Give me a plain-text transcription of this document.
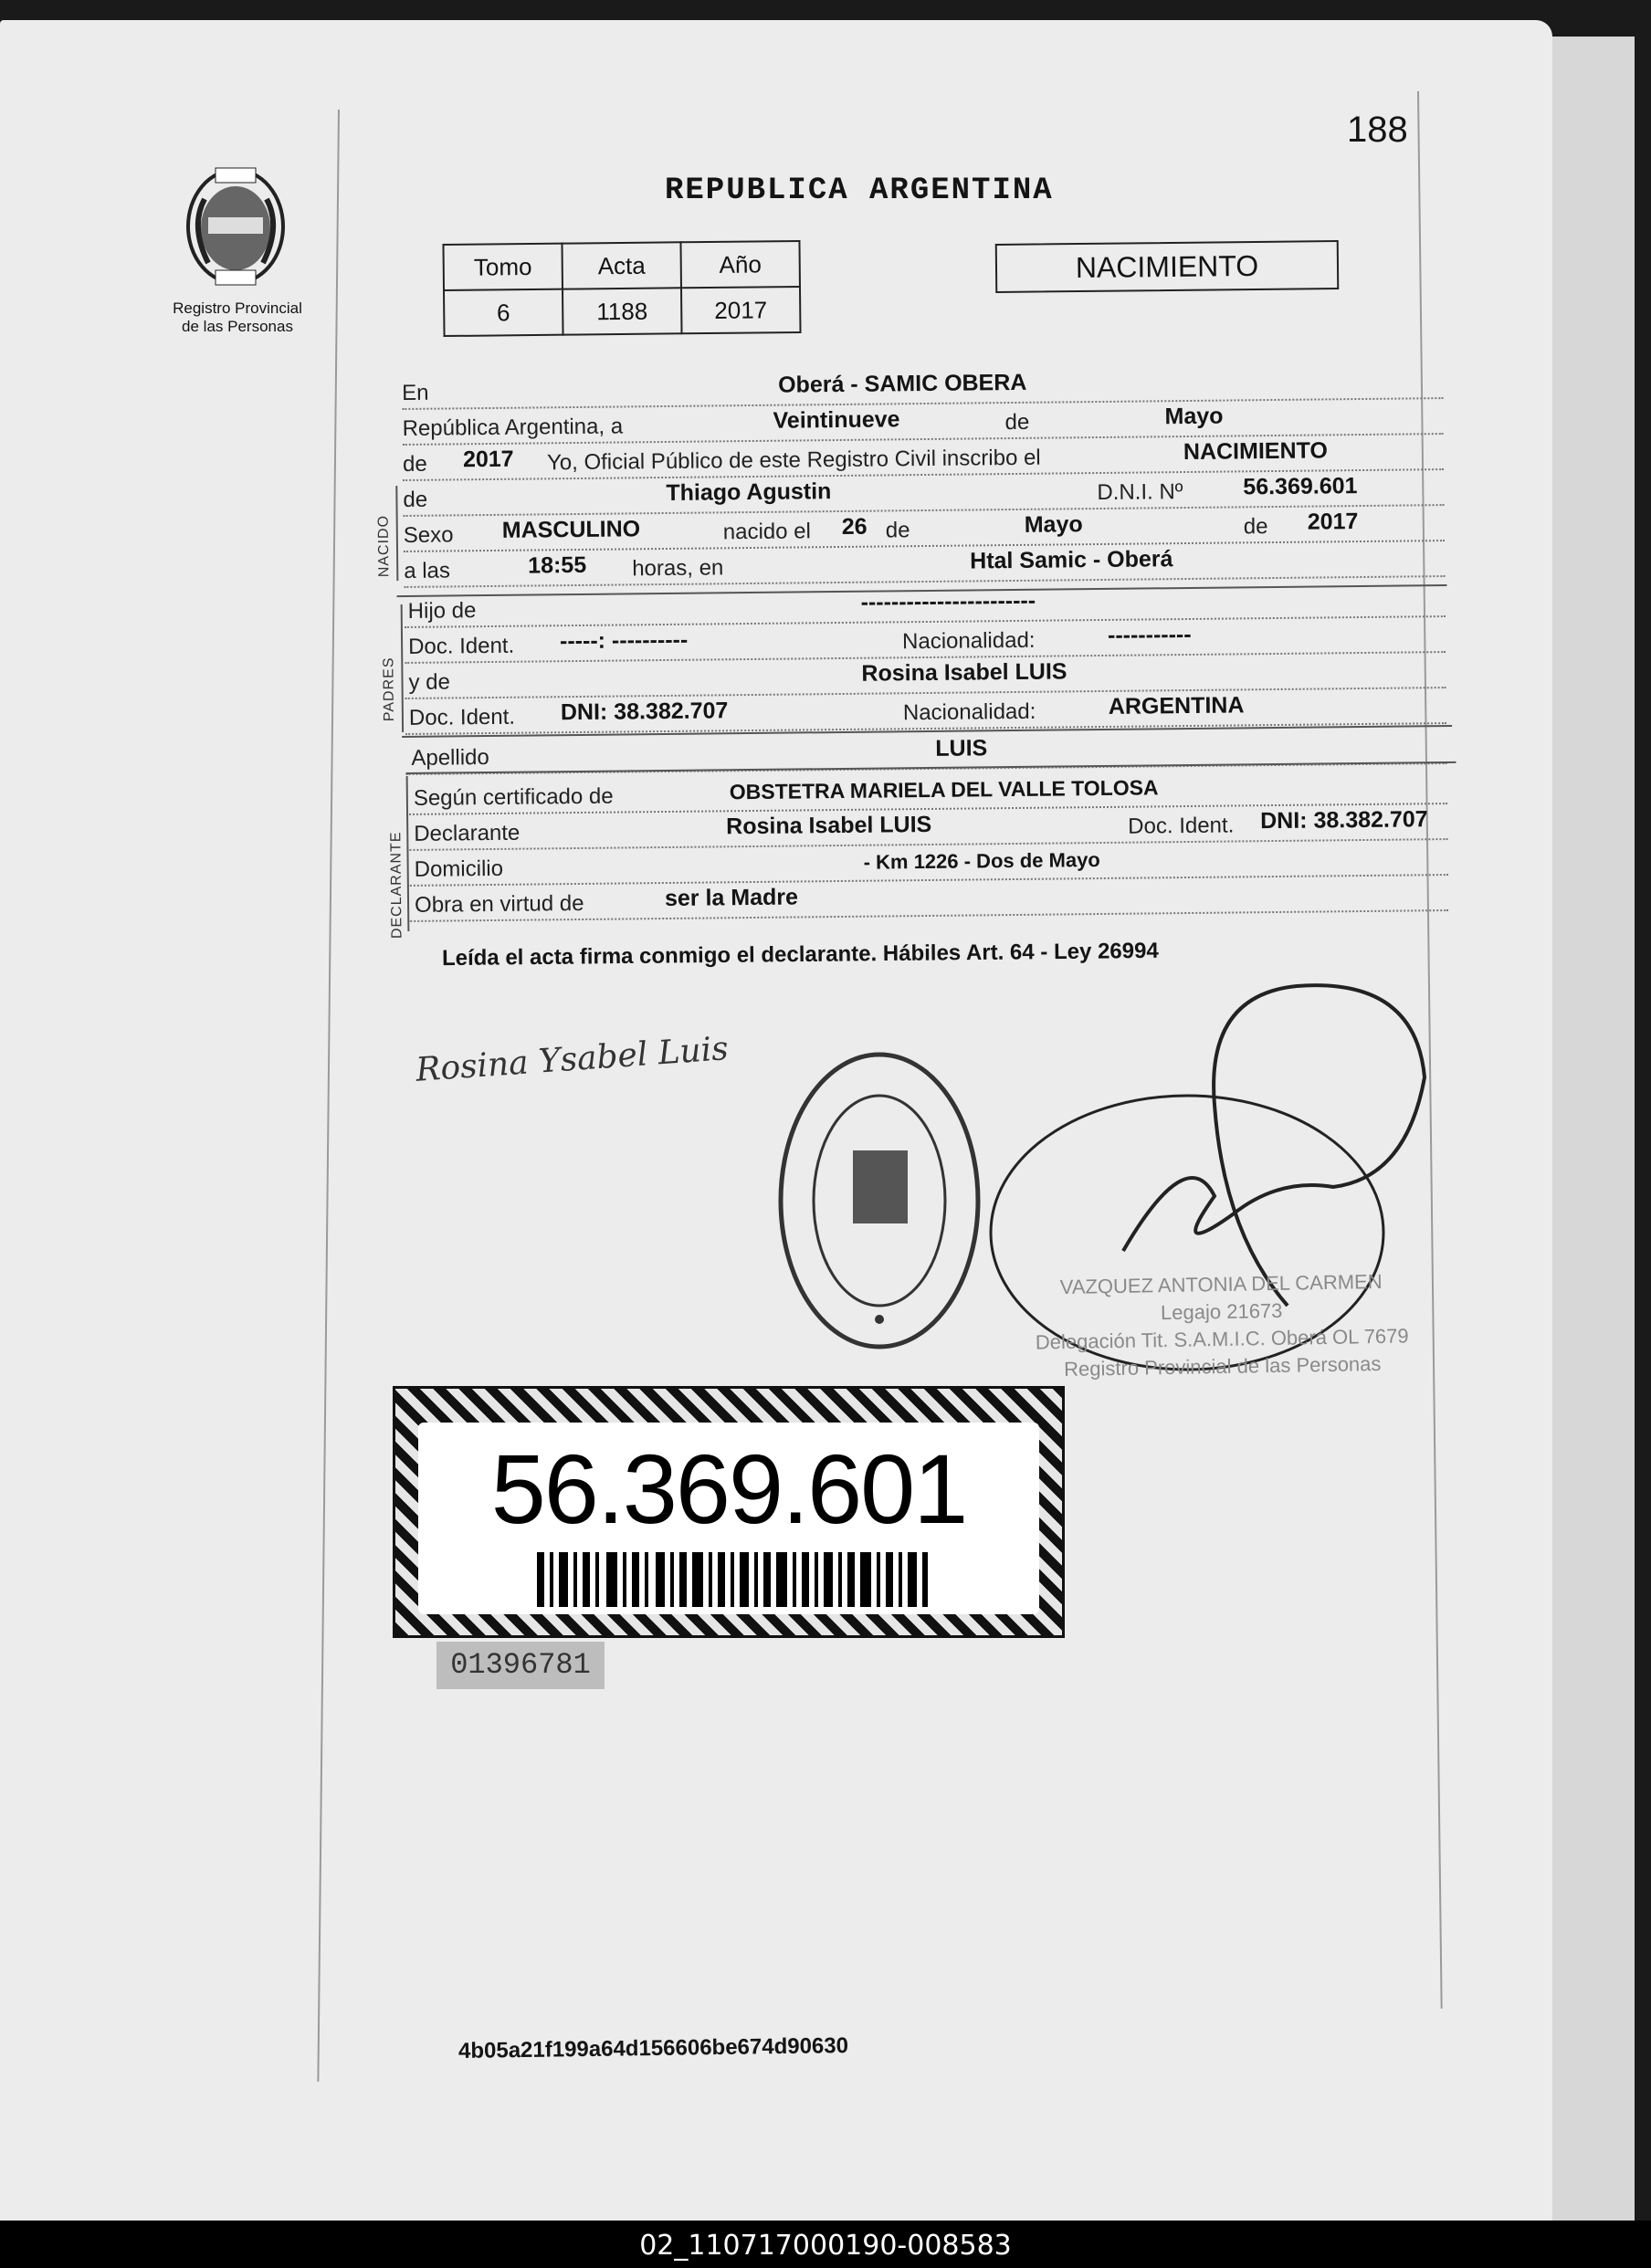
188
Registro Provincial
de las Personas
REPUBLICA ARGENTINA
Tomo	Acta	Año
6	1188	2017
NACIMIENTO
En	Oberá - SAMIC OBERA
República Argentina, a	Veintinueve	de	Mayo
de 2017 Yo, Oficial Público de este Registro Civil inscribo el	NACIMIENTO
de	Thiago Agustin	D.N.I. Nº	56.369.601
Sexo MASCULINO	nacido el 26 de	Mayo	de 2017
a las	18:55 horas, en	Htal Samic - Oberá
Hijo de	-----------------------
Doc. Ident. -----: ----------	Nacionalidad:	-----------
y de	Rosina Isabel LUIS
Doc. Ident. DNI: 38.382.707	Nacionalidad:	ARGENTINA
Apellido	LUIS
Según certificado de	OBSTETRA MARIELA DEL VALLE TOLOSA
Declarante	Rosina Isabel LUIS	Doc. Ident. DNI: 38.382.707
Domicilio	- Km 1226 - Dos de Mayo
Obra en virtud de	ser la Madre
NACIDO
PADRES
DECLARANTE
Leída el acta firma conmigo el declarante. Hábiles Art. 64 - Ley 26994
Rosina Ysabel Luis
VAZQUEZ ANTONIA DEL CARMEN
Legajo 21673
Delegación Tit. S.A.M.I.C. Oberá OL 7679
Registro Provincial de las Personas
56.369.601
01396781
4b05a21f199a64d156606be674d90630
02_110717000190-008583
